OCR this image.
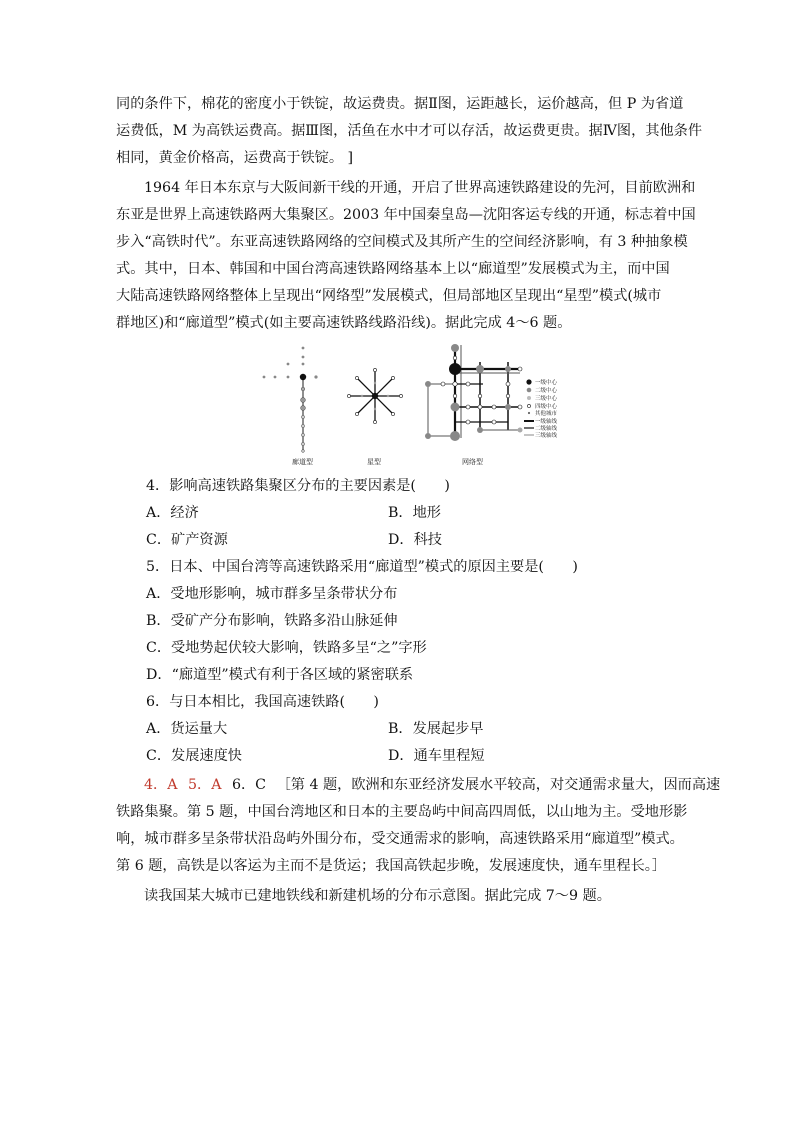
同的条件下，棉花的密度小于铁锭，故运费贵。据Ⅱ图，运距越长，运价越高，但 P 为省道
运费低，M 为高铁运费高。据Ⅲ图，活鱼在水中才可以存活，故运费更贵。据Ⅳ图，其他条件
相同，黄金价格高，运费高于铁锭。 ]
1964 年日本东京与大阪间新干线的开通，开启了世界高速铁路建设的先河，目前欧洲和
东亚是世界上高速铁路两大集聚区。2003 年中国秦皇岛—沈阳客运专线的开通，标志着中国
步入“高铁时代”。东亚高速铁路网络的空间模式及其所产生的空间经济影响，有 3 种抽象模
式。其中，日本、韩国和中国台湾高速铁路网络基本上以“廊道型”发展模式为主，而中国
大陆高速铁路网络整体上呈现出“网络型”发展模式，但局部地区呈现出“星型”模式(城市
群地区)和“廊道型”模式(如主要高速铁路线路沿线)。据此完成 4～6 题。
廊道型	星型	网络型
一级中心
二级中心
三级中心
四级中心
其他城市
一级轴线
二级轴线
三级轴线
4．影响高速铁路集聚区分布的主要因素是(　　)
A．经济	B．地形
C．矿产资源	D．科技
5．日本、中国台湾等高速铁路采用“廊道型”模式的原因主要是(　　)
A．受地形影响，城市群多呈条带状分布
B．受矿产分布影响，铁路多沿山脉延伸
C．受地势起伏较大影响，铁路多呈“之”字形
D．“廊道型”模式有利于各区域的紧密联系
6．与日本相比，我国高速铁路(　　)
A．货运量大	B．发展起步早
C．发展速度快	D．通车里程短
4．A 5．A 6．C ［第 4 题，欧洲和东亚经济发展水平较高，对交通需求量大，因而高速
铁路集聚。第 5 题，中国台湾地区和日本的主要岛屿中间高四周低，以山地为主。受地形影
响，城市群多呈条带状沿岛屿外围分布，受交通需求的影响，高速铁路采用“廊道型”模式。
第 6 题，高铁是以客运为主而不是货运；我国高铁起步晚，发展速度快，通车里程长。］
读我国某大城市已建地铁线和新建机场的分布示意图。据此完成 7～9 题。
